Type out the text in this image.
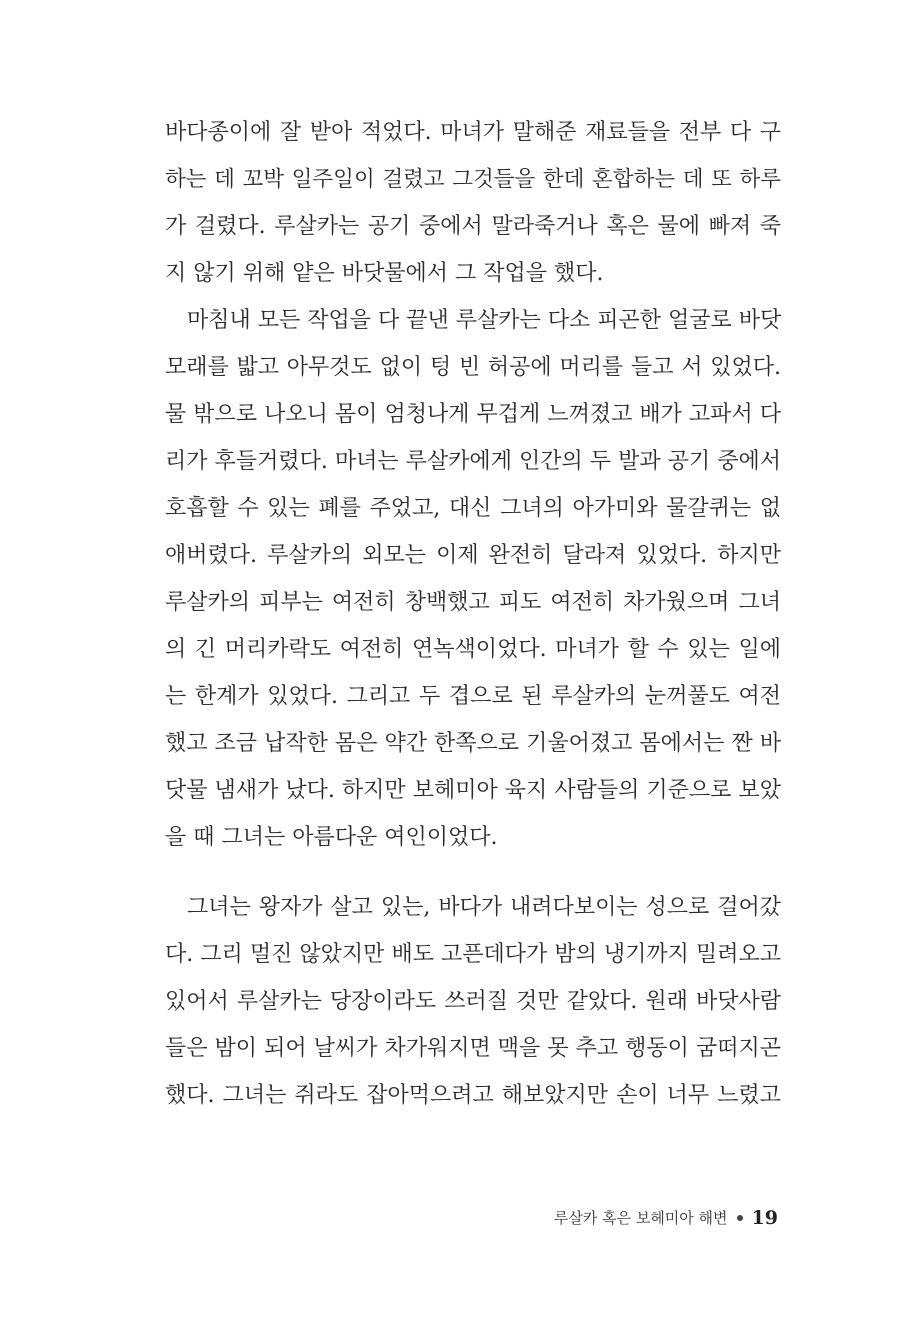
바다종이에 잘 받아 적었다. 마녀가 말해준 재료들을 전부 다 구
하는 데 꼬박 일주일이 걸렸고 그것들을 한데 혼합하는 데 또 하루
가 걸렸다. 루살카는 공기 중에서 말라죽거나 혹은 물에 빠져 죽
지 않기 위해 얕은 바닷물에서 그 작업을 했다.
마침내 모든 작업을 다 끝낸 루살카는 다소 피곤한 얼굴로 바닷
모래를 밟고 아무것도 없이 텅 빈 허공에 머리를 들고 서 있었다.
물 밖으로 나오니 몸이 엄청나게 무겁게 느껴졌고 배가 고파서 다
리가 후들거렸다. 마녀는 루살카에게 인간의 두 발과 공기 중에서
호흡할 수 있는 폐를 주었고, 대신 그녀의 아가미와 물갈퀴는 없
애버렸다. 루살카의 외모는 이제 완전히 달라져 있었다. 하지만
루살카의 피부는 여전히 창백했고 피도 여전히 차가웠으며 그녀
의 긴 머리카락도 여전히 연녹색이었다. 마녀가 할 수 있는 일에
는 한계가 있었다. 그리고 두 겹으로 된 루살카의 눈꺼풀도 여전
했고 조금 납작한 몸은 약간 한쪽으로 기울어졌고 몸에서는 짠 바
닷물 냄새가 났다. 하지만 보헤미아 육지 사람들의 기준으로 보았
을 때 그녀는 아름다운 여인이었다.
그녀는 왕자가 살고 있는, 바다가 내려다보이는 성으로 걸어갔
다. 그리 멀진 않았지만 배도 고픈데다가 밤의 냉기까지 밀려오고
있어서 루살카는 당장이라도 쓰러질 것만 같았다. 원래 바닷사람
들은 밤이 되어 날씨가 차가워지면 맥을 못 추고 행동이 굼떠지곤
했다. 그녀는 쥐라도 잡아먹으려고 해보았지만 손이 너무 느렸고
루살카 혹은 보헤미아 해변 19
